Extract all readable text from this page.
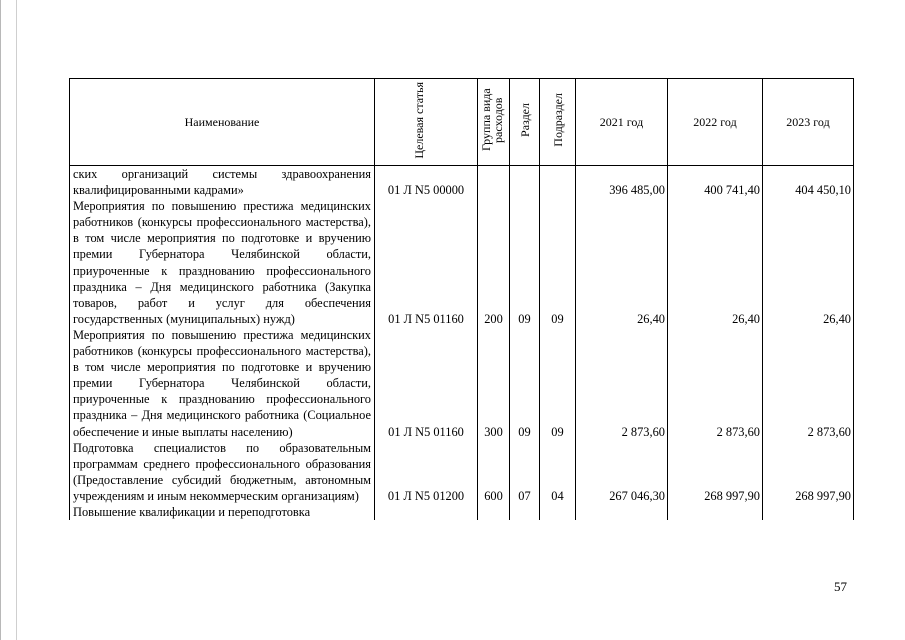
Наименование	Целевая статья	Группа вида расходов	Раздел	Подраздел	2021 год	2022 год	2023 год
ских организаций системы здравоохранения квалифицированными кадрами»	01 Л N5 00000				396 485,00	400 741,40	404 450,10
Мероприятия по повышению престижа медицинских работников (конкурсы профессионального мастерства), в том числе мероприятия по подготовке и вручению премии Губернатора Челябинской области, приуроченные к празднованию профессионального праздника – Дня медицинского работника (Закупка товаров, работ и услуг для обеспечения государственных (муниципальных) нужд)	01 Л N5 01160	200	09	09	26,40	26,40	26,40
Мероприятия по повышению престижа медицинских работников (конкурсы профессионального мастерства), в том числе мероприятия по подготовке и вручению премии Губернатора Челябинской области, приуроченные к празднованию профессионального праздника – Дня медицинского работника (Социальное обеспечение и иные выплаты населению)	01 Л N5 01160	300	09	09	2 873,60	2 873,60	2 873,60
Подготовка специалистов по образовательным программам среднего профессионального образования (Предоставление субсидий бюджетным, автономным учреждениям и иным некоммерческим организациям)	01 Л N5 01200	600	07	04	267 046,30	268 997,90	268 997,90
Повышение квалификации и переподготовка							
57
